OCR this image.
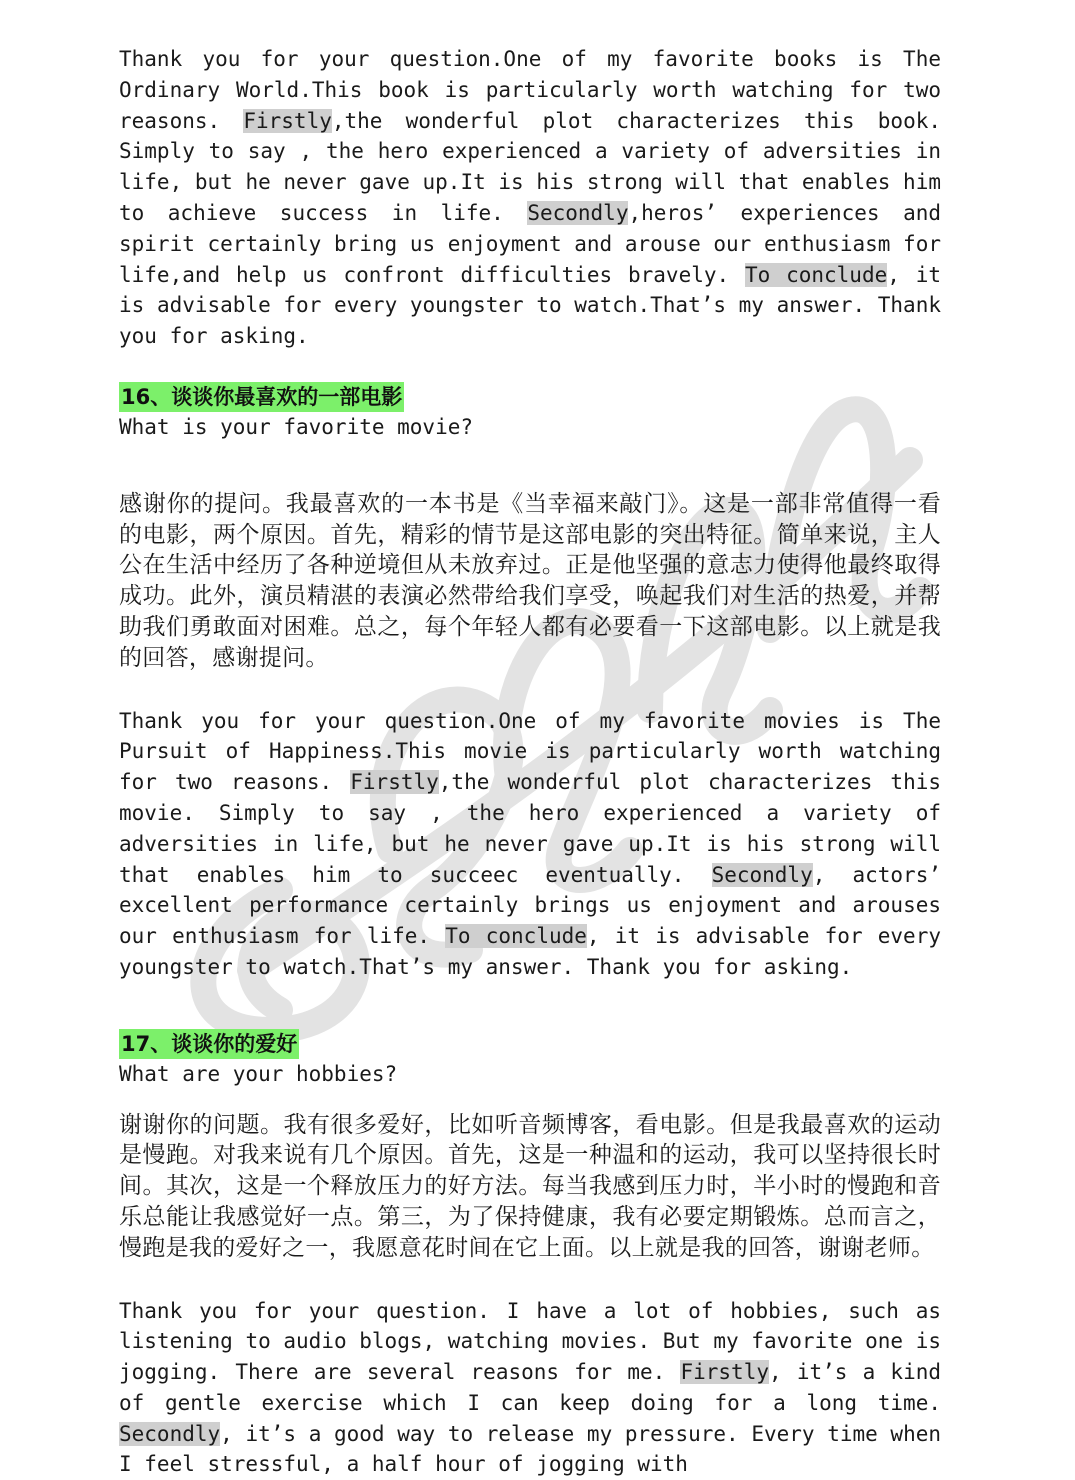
Thank you for your question.One of my favorite books is The Ordinary World.This book is particularly worth watching for two reasons. Firstly,the wonderful plot characterizes this book. Simply to say , the hero experienced a variety of adversities in life, but he never gave up.It is his strong will that enables him to achieve success in life. Secondly,heros’ experiences and spirit certainly bring us enjoyment and arouse our enthusiasm for life,and help us confront difficulties bravely. To conclude, it is advisable for every youngster to watch.That’s my answer. Thank you for asking.

16、谈谈你最喜欢的一部电影

What is your favorite movie?

感谢你的提问。我最喜欢的一本书是《当幸福来敲门》。这是一部非常值得一看的电影，两个原因。首先，精彩的情节是这部电影的突出特征。简单来说，主人公在生活中经历了各种逆境但从未放弃过。正是他坚强的意志力使得他最终取得成功。此外，演员精湛的表演必然带给我们享受，唤起我们对生活的热爱，并帮助我们勇敢面对困难。总之，每个年轻人都有必要看一下这部电影。以上就是我的回答，感谢提问。

Thank you for your question.One of my favorite movies is The Pursuit of Happiness.This movie is particularly worth watching for two reasons. Firstly,the wonderful plot characterizes this movie. Simply to say , the hero experienced a variety of adversities in life, but he never gave up.It is his strong will that enables him to succeec eventually. Secondly, actors’ excellent performance certainly brings us enjoyment and arouses our enthusiasm for life. To conclude, it is advisable for every youngster to watch.That’s my answer. Thank you for asking.

17、谈谈你的爱好

What are your hobbies?

谢谢你的问题。我有很多爱好，比如听音频博客，看电影。但是我最喜欢的运动是慢跑。对我来说有几个原因。首先，这是一种温和的运动，我可以坚持很长时间。其次，这是一个释放压力的好方法。每当我感到压力时，半小时的慢跑和音乐总能让我感觉好一点。第三，为了保持健康，我有必要定期锻炼。总而言之，慢跑是我的爱好之一，我愿意花时间在它上面。以上就是我的回答，谢谢老师。

Thank you for your question. I have a lot of hobbies, such as listening to audio blogs, watching movies. But my favorite one is jogging. There are several reasons for me. Firstly, it’s a kind of gentle exercise which I can keep doing for a long time. Secondly, it’s a good way to release my pressure. Every time when I feel stressful, a half hour of jogging with
